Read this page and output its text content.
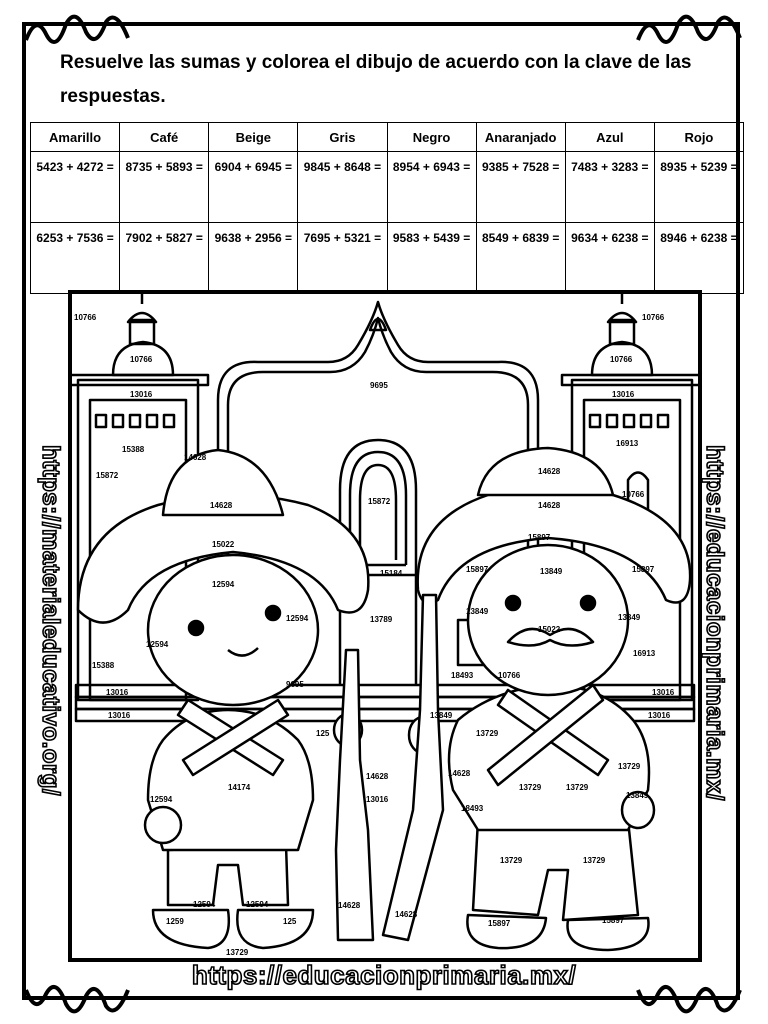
Resuelve las sumas y colorea el dibujo de acuerdo con la clave de las respuestas.
Amarillo	Café	Beige	Gris	Negro	Anaranjado	Azul	Rojo
5423 + 4272 =	8735 + 5893 =	6904 + 6945 =	9845 + 8648 =	8954 + 6943 =	9385 + 7528 =	7483 + 3283 =	8935 + 5239 =
6253 + 7536 =	7902 + 5827 =	9638 + 2956 =	7695 + 5321 =	9583 + 5439 =	8549 + 6839 =	9634 + 6238 =	8946 + 6238 =
10766
10766
10766
10766
10766
10766
13016	13016
13016
13016
13016
13016
13016
9695
9695
15388
15388
15872
15872
16913
16913
14628
14628
14628
14628
14628	14628
14628
14628
15022
15022
12594
12594
12594
12594
12594	12594
15184
13789
18493
18493
15897
15897	15897
15897	15897
13849
13849
13849
13849
13849
13729
13729
13729	13729
13729	13729
13729
14174
125
125
1259
https://materialeducativo.org/	https://educacionprimaria.mx/
https://educacionprimaria.mx/
